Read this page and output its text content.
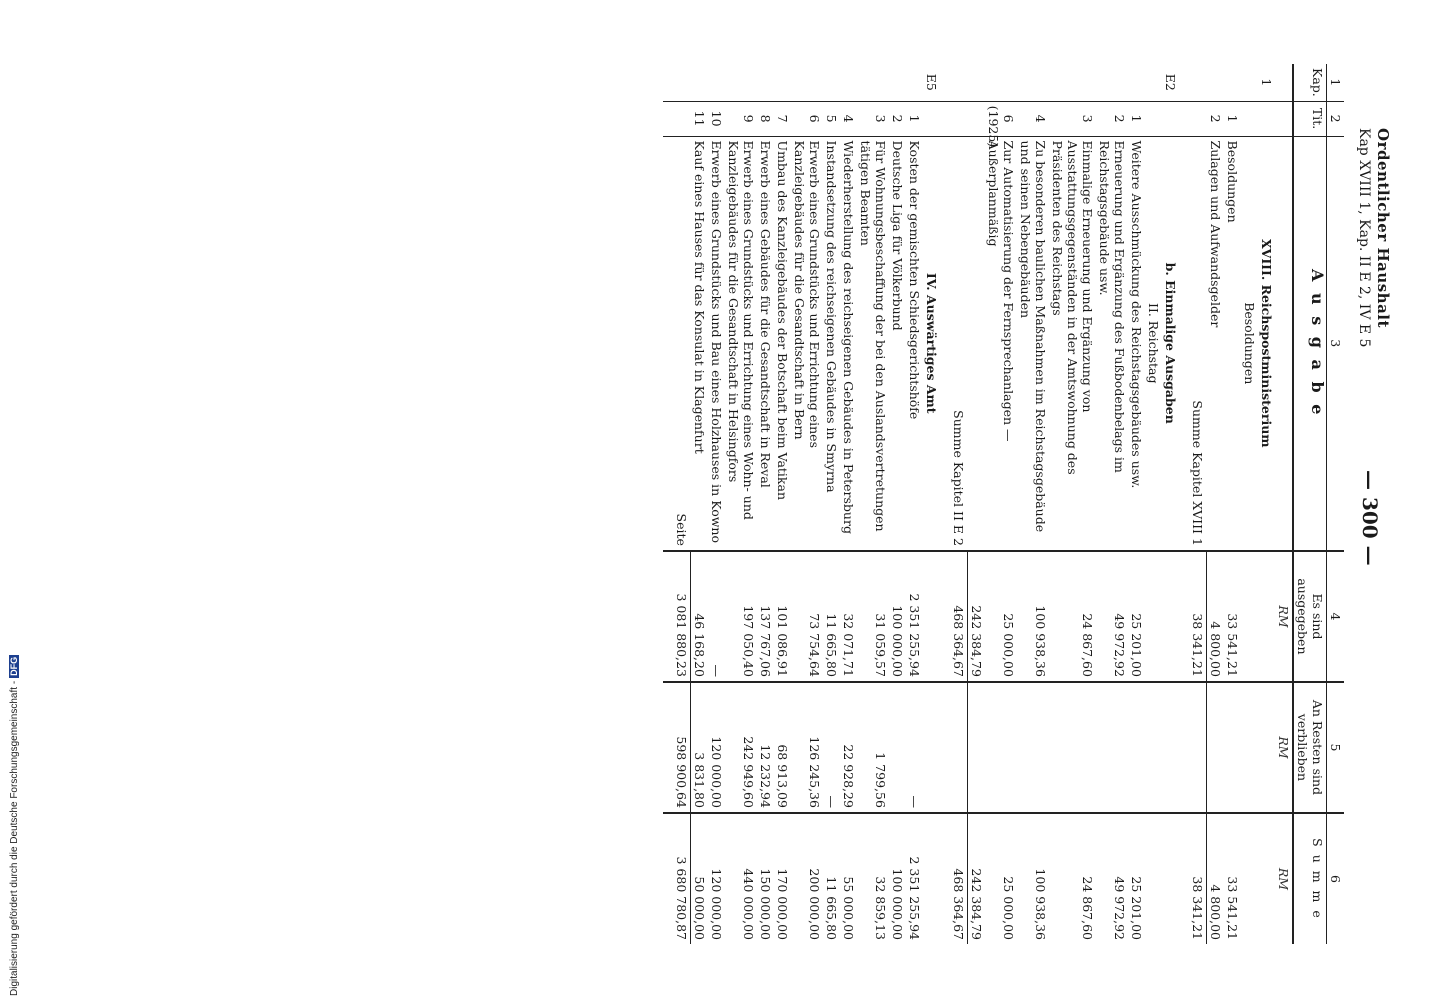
Ordentlicher Haushalt
Kap XVIII 1, Kap. II E 2, IV E 5
— 300 —
1	2	3	4	5	6
Kap.	Tit.	A u s g a b e	Es sind ausgegeben	An Resten sind verblieben	S u m m e
			RM	RM	RM
1		XVIII. Reichspostministerium			
		Besoldungen			
	1	Besoldungen	33 541,21		33 541,21
	2	Zulagen und Aufwandsgelder	4 800,00		4 800,00
		Summe Kapitel XVIII 1	38 341,21		38 341,21

E2		b. Einmalige Ausgaben			
		II. Reichstag			
	1	Weitere Ausschmückung des Reichstagsgebäudes usw.	25 201,00		25 201,00
	2	Erneuerung und Ergänzung des Fußbodenbelags im Reichstagsgebäude usw.	49 972,92		49 972,92
	3	Einmalige Erneuerung und Ergänzung von Ausstattungsgegenständen in der Amtswohnung des Präsidenten des Reichstags	24 867,60		24 867,60
	4	Zu besonderen baulichen Maßnahmen im Reichstagsgebäude und seinen Nebengebäuden	100 938,36		100 938,36
	6 (1925)	Zur Automatisierung der Fernsprechanlagen — Außerplanmäßig	25 000,00		25 000,00
			242 384,79		242 384,79
		Summe Kapitel II E 2	468 364,67		468 364,67

E5		IV. Auswärtiges Amt			
	1	Kosten der gemischten Schiedsgerichtshöfe	2 351 255,94	—	2 351 255,94
	2	Deutsche Liga für Völkerbund	100 000,00		100 000,00
	3	Für Wohnungsbeschaffung der bei den Auslandsvertretungen tätigen Beamten	31 059,57	1 799,56	32 859,13
	4	Wiederherstellung des reichseigenen Gebäudes in Petersburg	32 071,71	22 928,29	55 000,00
	5	Instandsetzung des reichseigenen Gebäudes in Smyrna	11 665,80	—	11 665,80
	6	Erwerb eines Grundstücks und Errichtung eines Kanzleigebäudes für die Gesandtschaft in Bern	73 754,64	126 245,36	200 000,00
	7	Umbau des Kanzleigebäudes der Botschaft beim Vatikan	101 086,91	68 913,09	170 000,00
	8	Erwerb eines Gebäudes für die Gesandtschaft in Reval	137 767,06	12 232,94	150 000,00
	9	Erwerb eines Grundstücks und Errichtung eines Wohn- und Kanzleigebäudes für die Gesandtschaft in Helsingfors	197 050,40	242 949,60	440 000,00
	10	Erwerb eines Grundstücks und Bau eines Holzhauses in Kowno	—	120 000,00	120 000,00
	11	Kauf eines Hauses für das Konsulat in Klagenfurt	46 168,20	3 831,80	50 000,00
		Seite	3 081 880,23	598 900,64	3 680 780,87

Digitalisierung gefördert durch die Deutsche Forschungsgemeinschaft -DFG
